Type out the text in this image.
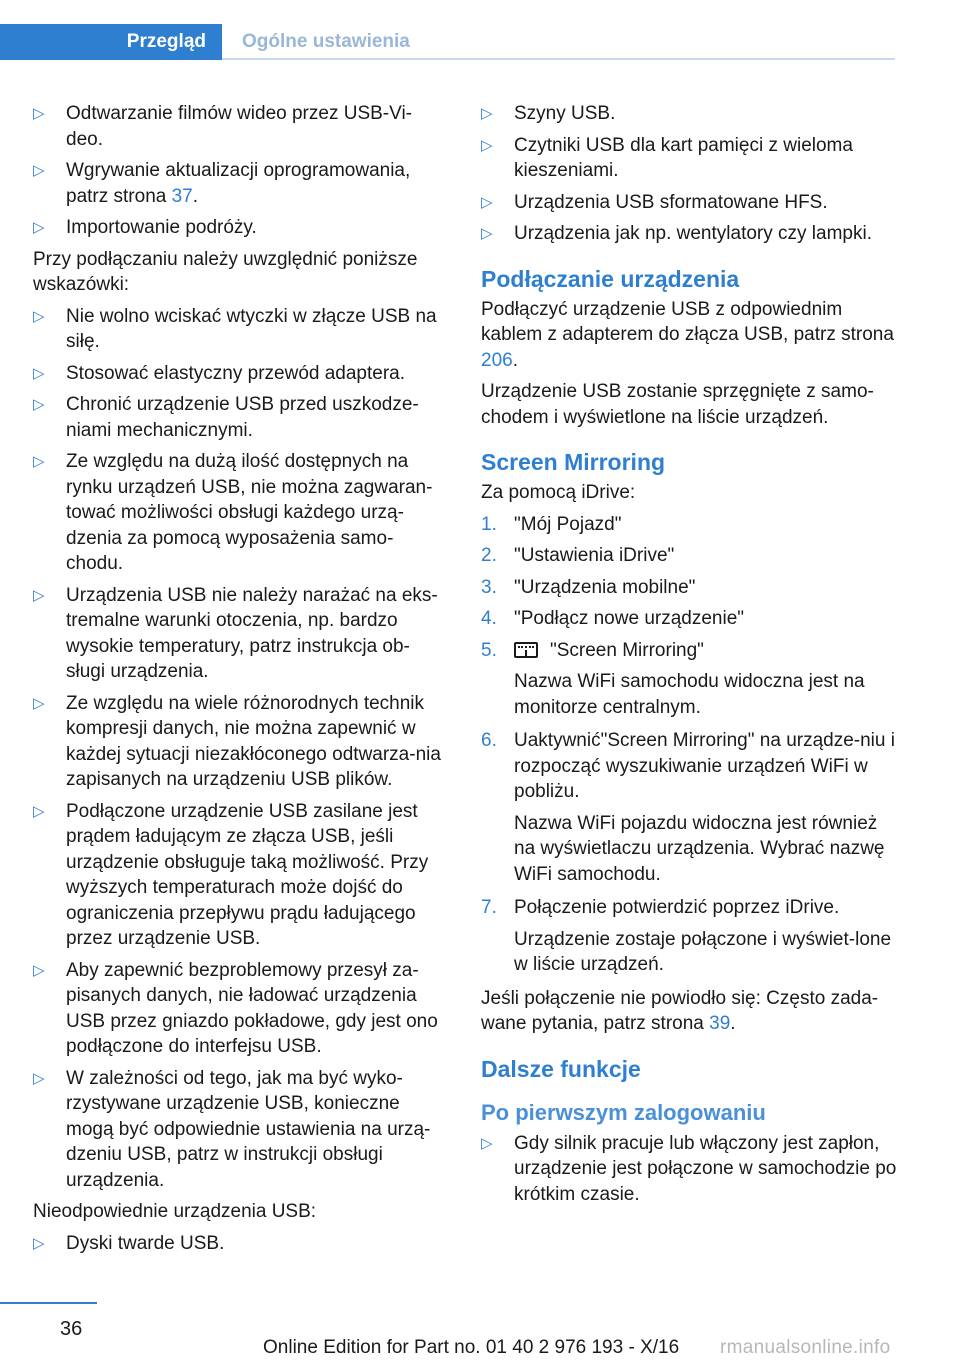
Przegląd	Ogólne ustawienia
▷ Odtwarzanie filmów wideo przez USB-Vi-deo.
▷ Wgrywanie aktualizacji oprogramowania, patrz strona 37.
▷ Importowanie podróży.
Przy podłączaniu należy uwzględnić poniższe wskazówki:
▷ Nie wolno wciskać wtyczki w złącze USB na siłę.
▷ Stosować elastyczny przewód adaptera.
▷ Chronić urządzenie USB przed uszkodze-niami mechanicznymi.
▷ Ze względu na dużą ilość dostępnych na rynku urządzeń USB, nie można zagwaran-tować możliwości obsługi każdego urzą-dzenia za pomocą wyposażenia samo-chodu.
▷ Urządzenia USB nie należy narażać na eks-tremalne warunki otoczenia, np. bardzo wysokie temperatury, patrz instrukcja ob-sługi urządzenia.
▷ Ze względu na wiele różnorodnych technik kompresji danych, nie można zapewnić w każdej sytuacji niezakłóconego odtwarza-nia zapisanych na urządzeniu USB plików.
▷ Podłączone urządzenie USB zasilane jest prądem ładującym ze złącza USB, jeśli urządzenie obsługuje taką możliwość. Przy wyższych temperaturach może dojść do ograniczenia przepływu prądu ładującego przez urządzenie USB.
▷ Aby zapewnić bezproblemowy przesył za-pisanych danych, nie ładować urządzenia USB przez gniazdo pokładowe, gdy jest ono podłączone do interfejsu USB.
▷ W zależności od tego, jak ma być wyko-rzystywane urządzenie USB, konieczne mogą być odpowiednie ustawienia na urzą-dzeniu USB, patrz w instrukcji obsługi urządzenia.
Nieodpowiednie urządzenia USB:
▷ Dyski twarde USB.
▷ Szyny USB.
▷ Czytniki USB dla kart pamięci z wieloma kieszeniami.
▷ Urządzenia USB sformatowane HFS.
▷ Urządzenia jak np. wentylatory czy lampki.
Podłączanie urządzenia
Podłączyć urządzenie USB z odpowiednim kablem z adapterem do złącza USB, patrz strona 206.
Urządzenie USB zostanie sprzęgnięte z samo-chodem i wyświetlone na liście urządzeń.
Screen Mirroring
Za pomocą iDrive:
1. "Mój Pojazd"
2. "Ustawienia iDrive"
3. "Urządzenia mobilne"
4. "Podłącz nowe urządzenie"
5.	"Screen Mirroring"
Nazwa WiFi samochodu widoczna jest na monitorze centralnym.
6. Uaktywnić"Screen Mirroring" na urządze-niu i rozpocząć wyszukiwanie urządzeń WiFi w pobliżu.
Nazwa WiFi pojazdu widoczna jest również na wyświetlaczu urządzenia. Wybrać nazwę WiFi samochodu.
7. Połączenie potwierdzić poprzez iDrive.
Urządzenie zostaje połączone i wyświet-lone w liście urządzeń.
Jeśli połączenie nie powiodło się: Często zada-wane pytania, patrz strona 39.
Dalsze funkcje
Po pierwszym zalogowaniu
▷ Gdy silnik pracuje lub włączony jest zapłon, urządzenie jest połączone w samochodzie po krótkim czasie.
36
Online Edition for Part no. 01 40 2 976 193 - X/16 rmanualsonline.info
